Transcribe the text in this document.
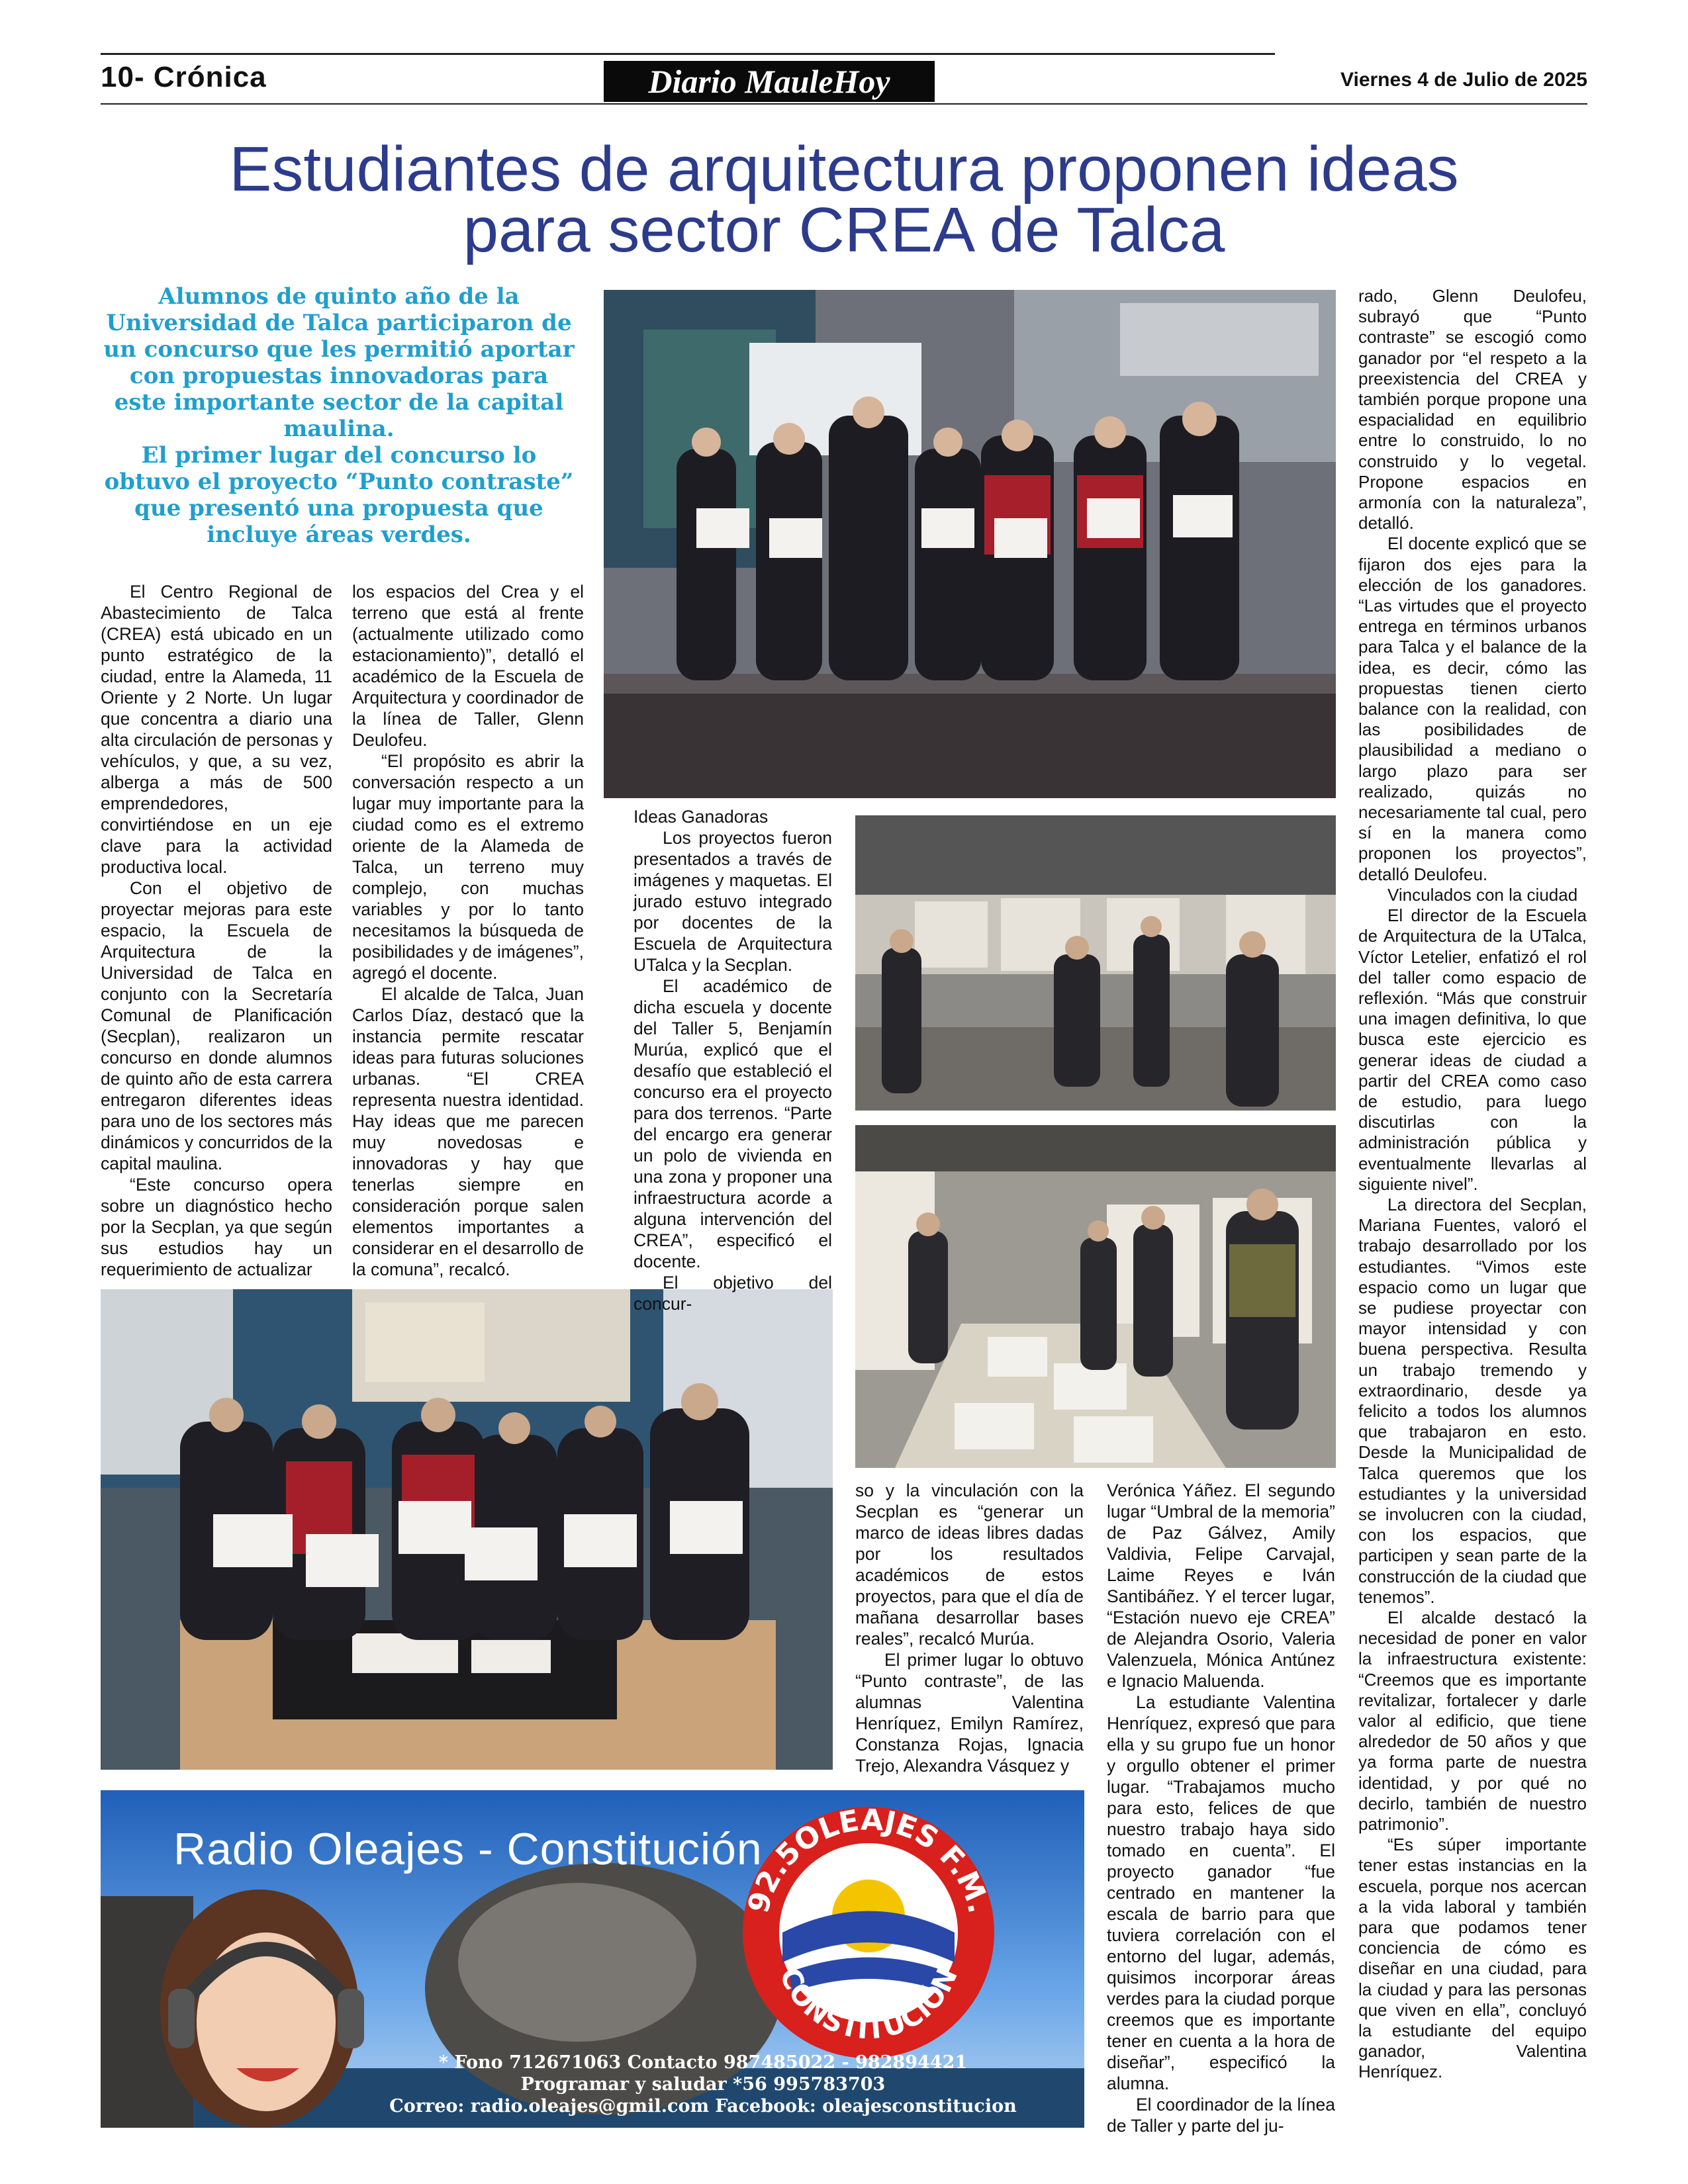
10- Crónica	Diario MauleHoy	Viernes 4 de Julio de 2025
Estudiantes de arquitectura proponen ideas
para sector CREA de Talca

Alumnos de quinto año de la Universidad de Talca participaron de un concurso que les permitió aportar con propuestas innovadoras para este importante sector de la capital maulina.

El primer lugar del concurso lo obtuvo el proyecto “Punto contraste” que presentó una propuesta que incluye áreas verdes.

El Centro Regional de Abastecimiento de Talca (CREA) está ubicado en un punto estratégico de la ciudad, entre la Alameda, 11 Oriente y 2 Norte. Un lugar que concentra a diario una alta circulación de personas y vehículos, y que, a su vez, alberga a más de 500 emprendedores, convirtiéndose en un eje clave para la actividad productiva local.

Con el objetivo de proyectar mejoras para este espacio, la Escuela de Arquitectura de la Universidad de Talca en conjunto con la Secretaría Comunal de Planificación (Secplan), realizaron un concurso en donde alumnos de quinto año de esta carrera entregaron diferentes ideas para uno de los sectores más dinámicos y concurridos de la capital maulina.

“Este concurso opera sobre un diagnóstico hecho por la Secplan, ya que según sus estudios hay un requerimiento de actualizar

los espacios del Crea y el terreno que está al frente (actualmente utilizado como estacionamiento)”, detalló el académico de la Escuela de Arquitectura y coordinador de la línea de Taller, Glenn Deulofeu.

“El propósito es abrir la conversación respecto a un lugar muy importante para la ciudad como es el extremo oriente de la Alameda de Talca, un terreno muy complejo, con muchas variables y por lo tanto necesitamos la búsqueda de posibilidades y de imágenes”, agregó el docente.

El alcalde de Talca, Juan Carlos Díaz, destacó que la instancia permite rescatar ideas para futuras soluciones urbanas. “El CREA representa nuestra identidad. Hay ideas que me parecen muy novedosas e innovadoras y hay que tenerlas siempre en consideración porque salen elementos importantes a considerar en el desarrollo de la comuna”, recalcó.

Ideas Ganadoras

Los proyectos fueron presentados a través de imágenes y maquetas. El jurado estuvo integrado por docentes de la Escuela de Arquitectura UTalca y la Secplan.

El académico de dicha escuela y docente del Taller 5, Benjamín Murúa, explicó que el desafío que estableció el concurso era el proyecto para dos terrenos. “Parte del encargo era generar un polo de vivienda en una zona y proponer una infraestructura acorde a alguna intervención del CREA”, especificó el docente.

El objetivo del concur-

so y la vinculación con la Secplan es “generar un marco de ideas libres dadas por los resultados académicos de estos proyectos, para que el día de mañana desarrollar bases reales”, recalcó Murúa.

El primer lugar lo obtuvo “Punto contraste”, de las alumnas Valentina Henríquez, Emilyn Ramírez, Constanza Rojas, Ignacia Trejo, Alexandra Vásquez y

Verónica Yáñez. El segundo lugar “Umbral de la memoria” de Paz Gálvez, Amily Valdivia, Felipe Carvajal, Laime Reyes e Iván Santibáñez. Y el tercer lugar, “Estación nuevo eje CREA” de Alejandra Osorio, Valeria Valenzuela, Mónica Antúnez e Ignacio Maluenda.

La estudiante Valentina Henríquez, expresó que para ella y su grupo fue un honor y orgullo obtener el primer lugar. “Trabajamos mucho para esto, felices de que nuestro trabajo haya sido tomado en cuenta”. El proyecto ganador “fue centrado en mantener la escala de barrio para que tuviera correlación con el entorno del lugar, además, quisimos incorporar áreas verdes para la ciudad porque creemos que es importante tener en cuenta a la hora de diseñar”, especificó la alumna.

El coordinador de la línea de Taller y parte del ju-

rado, Glenn Deulofeu, subrayó que “Punto contraste” se escogió como ganador por “el respeto a la preexistencia del CREA y también porque propone una espacialidad en equilibrio entre lo construido, lo no construido y lo vegetal. Propone espacios en armonía con la naturaleza”, detalló.

El docente explicó que se fijaron dos ejes para la elección de los ganadores. “Las virtudes que el proyecto entrega en términos urbanos para Talca y el balance de la idea, es decir, cómo las propuestas tienen cierto balance con la realidad, con las posibilidades de plausibilidad a mediano o largo plazo para ser realizado, quizás no necesariamente tal cual, pero sí en la manera como proponen los proyectos”, detalló Deulofeu.

Vinculados con la ciudad

El director de la Escuela de Arquitectura de la UTalca, Víctor Letelier, enfatizó el rol del taller como espacio de reflexión. “Más que construir una imagen definitiva, lo que busca este ejercicio es generar ideas de ciudad a partir del CREA como caso de estudio, para luego discutirlas con la administración pública y eventualmente llevarlas al siguiente nivel”.

La directora del Secplan, Mariana Fuentes, valoró el trabajo desarrollado por los estudiantes. “Vimos este espacio como un lugar que se pudiese proyectar con mayor intensidad y con buena perspectiva. Resulta un trabajo tremendo y extraordinario, desde ya felicito a todos los alumnos que trabajaron en esto. Desde la Municipalidad de Talca queremos que los estudiantes y la universidad se involucren con la ciudad, con los espacios, que participen y sean parte de la construcción de la ciudad que tenemos”.

El alcalde destacó la necesidad de poner en valor la infraestructura existente: “Creemos que es importante revitalizar, fortalecer y darle valor al edificio, que tiene alrededor de 50 años y que ya forma parte de nuestra identidad, y por qué no decirlo, también de nuestro patrimonio”.

“Es súper importante tener estas instancias en la escuela, porque nos acercan a la vida laboral y también para que podamos tener conciencia de cómo es diseñar en una ciudad, para la ciudad y para las personas que viven en ella”, concluyó la estudiante del equipo ganador, Valentina Henríquez.

92.5OLEAJES F.M.
CONSTITUCIÓN
Radio Oleajes - Constitución
* Fono 712671063 Contacto 987485022 - 982894421
Programar y saludar *56 995783703
Correo: radio.oleajes@gmil.com Facebook: oleajesconstitucion
